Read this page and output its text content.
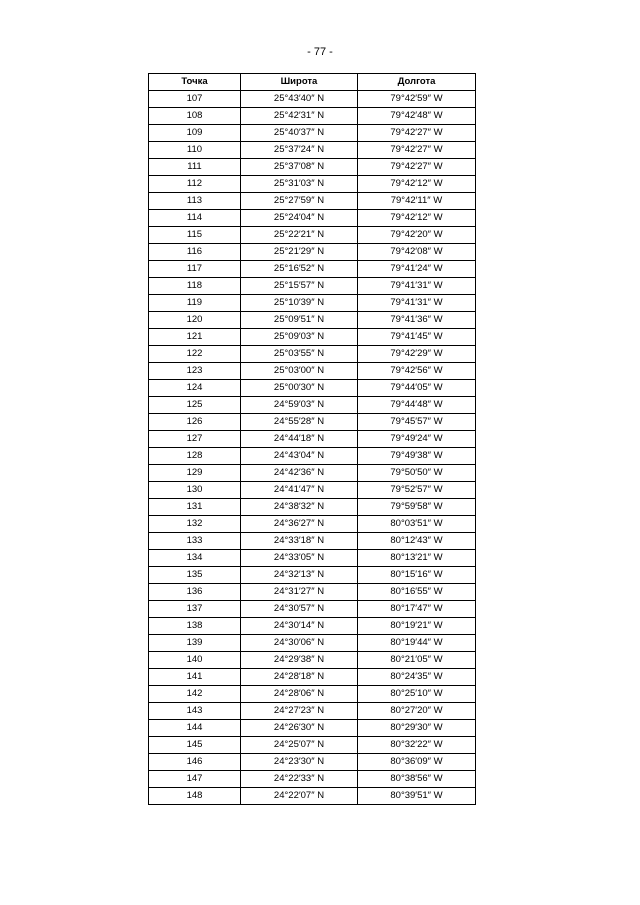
- 77 -
Точка	Широта	Долгота
107	25°43′40″ N	79°42′59″ W
108	25°42′31″ N	79°42′48″ W
109	25°40′37″ N	79°42′27″ W
110	25°37′24″ N	79°42′27″ W
111	25°37′08″ N	79°42′27″ W
112	25°31′03″ N	79°42′12″ W
113	25°27′59″ N	79°42′11″ W
114	25°24′04″ N	79°42′12″ W
115	25°22′21″ N	79°42′20″ W
116	25°21′29″ N	79°42′08″ W
117	25°16′52″ N	79°41′24″ W
118	25°15′57″ N	79°41′31″ W
119	25°10′39″ N	79°41′31″ W
120	25°09′51″ N	79°41′36″ W
121	25°09′03″ N	79°41′45″ W
122	25°03′55″ N	79°42′29″ W
123	25°03′00″ N	79°42′56″ W
124	25°00′30″ N	79°44′05″ W
125	24°59′03″ N	79°44′48″ W
126	24°55′28″ N	79°45′57″ W
127	24°44′18″ N	79°49′24″ W
128	24°43′04″ N	79°49′38″ W
129	24°42′36″ N	79°50′50″ W
130	24°41′47″ N	79°52′57″ W
131	24°38′32″ N	79°59′58″ W
132	24°36′27″ N	80°03′51″ W
133	24°33′18″ N	80°12′43″ W
134	24°33′05″ N	80°13′21″ W
135	24°32′13″ N	80°15′16″ W
136	24°31′27″ N	80°16′55″ W
137	24°30′57″ N	80°17′47″ W
138	24°30′14″ N	80°19′21″ W
139	24°30′06″ N	80°19′44″ W
140	24°29′38″ N	80°21′05″ W
141	24°28′18″ N	80°24′35″ W
142	24°28′06″ N	80°25′10″ W
143	24°27′23″ N	80°27′20″ W
144	24°26′30″ N	80°29′30″ W
145	24°25′07″ N	80°32′22″ W
146	24°23′30″ N	80°36′09″ W
147	24°22′33″ N	80°38′56″ W
148	24°22′07″ N	80°39′51″ W
